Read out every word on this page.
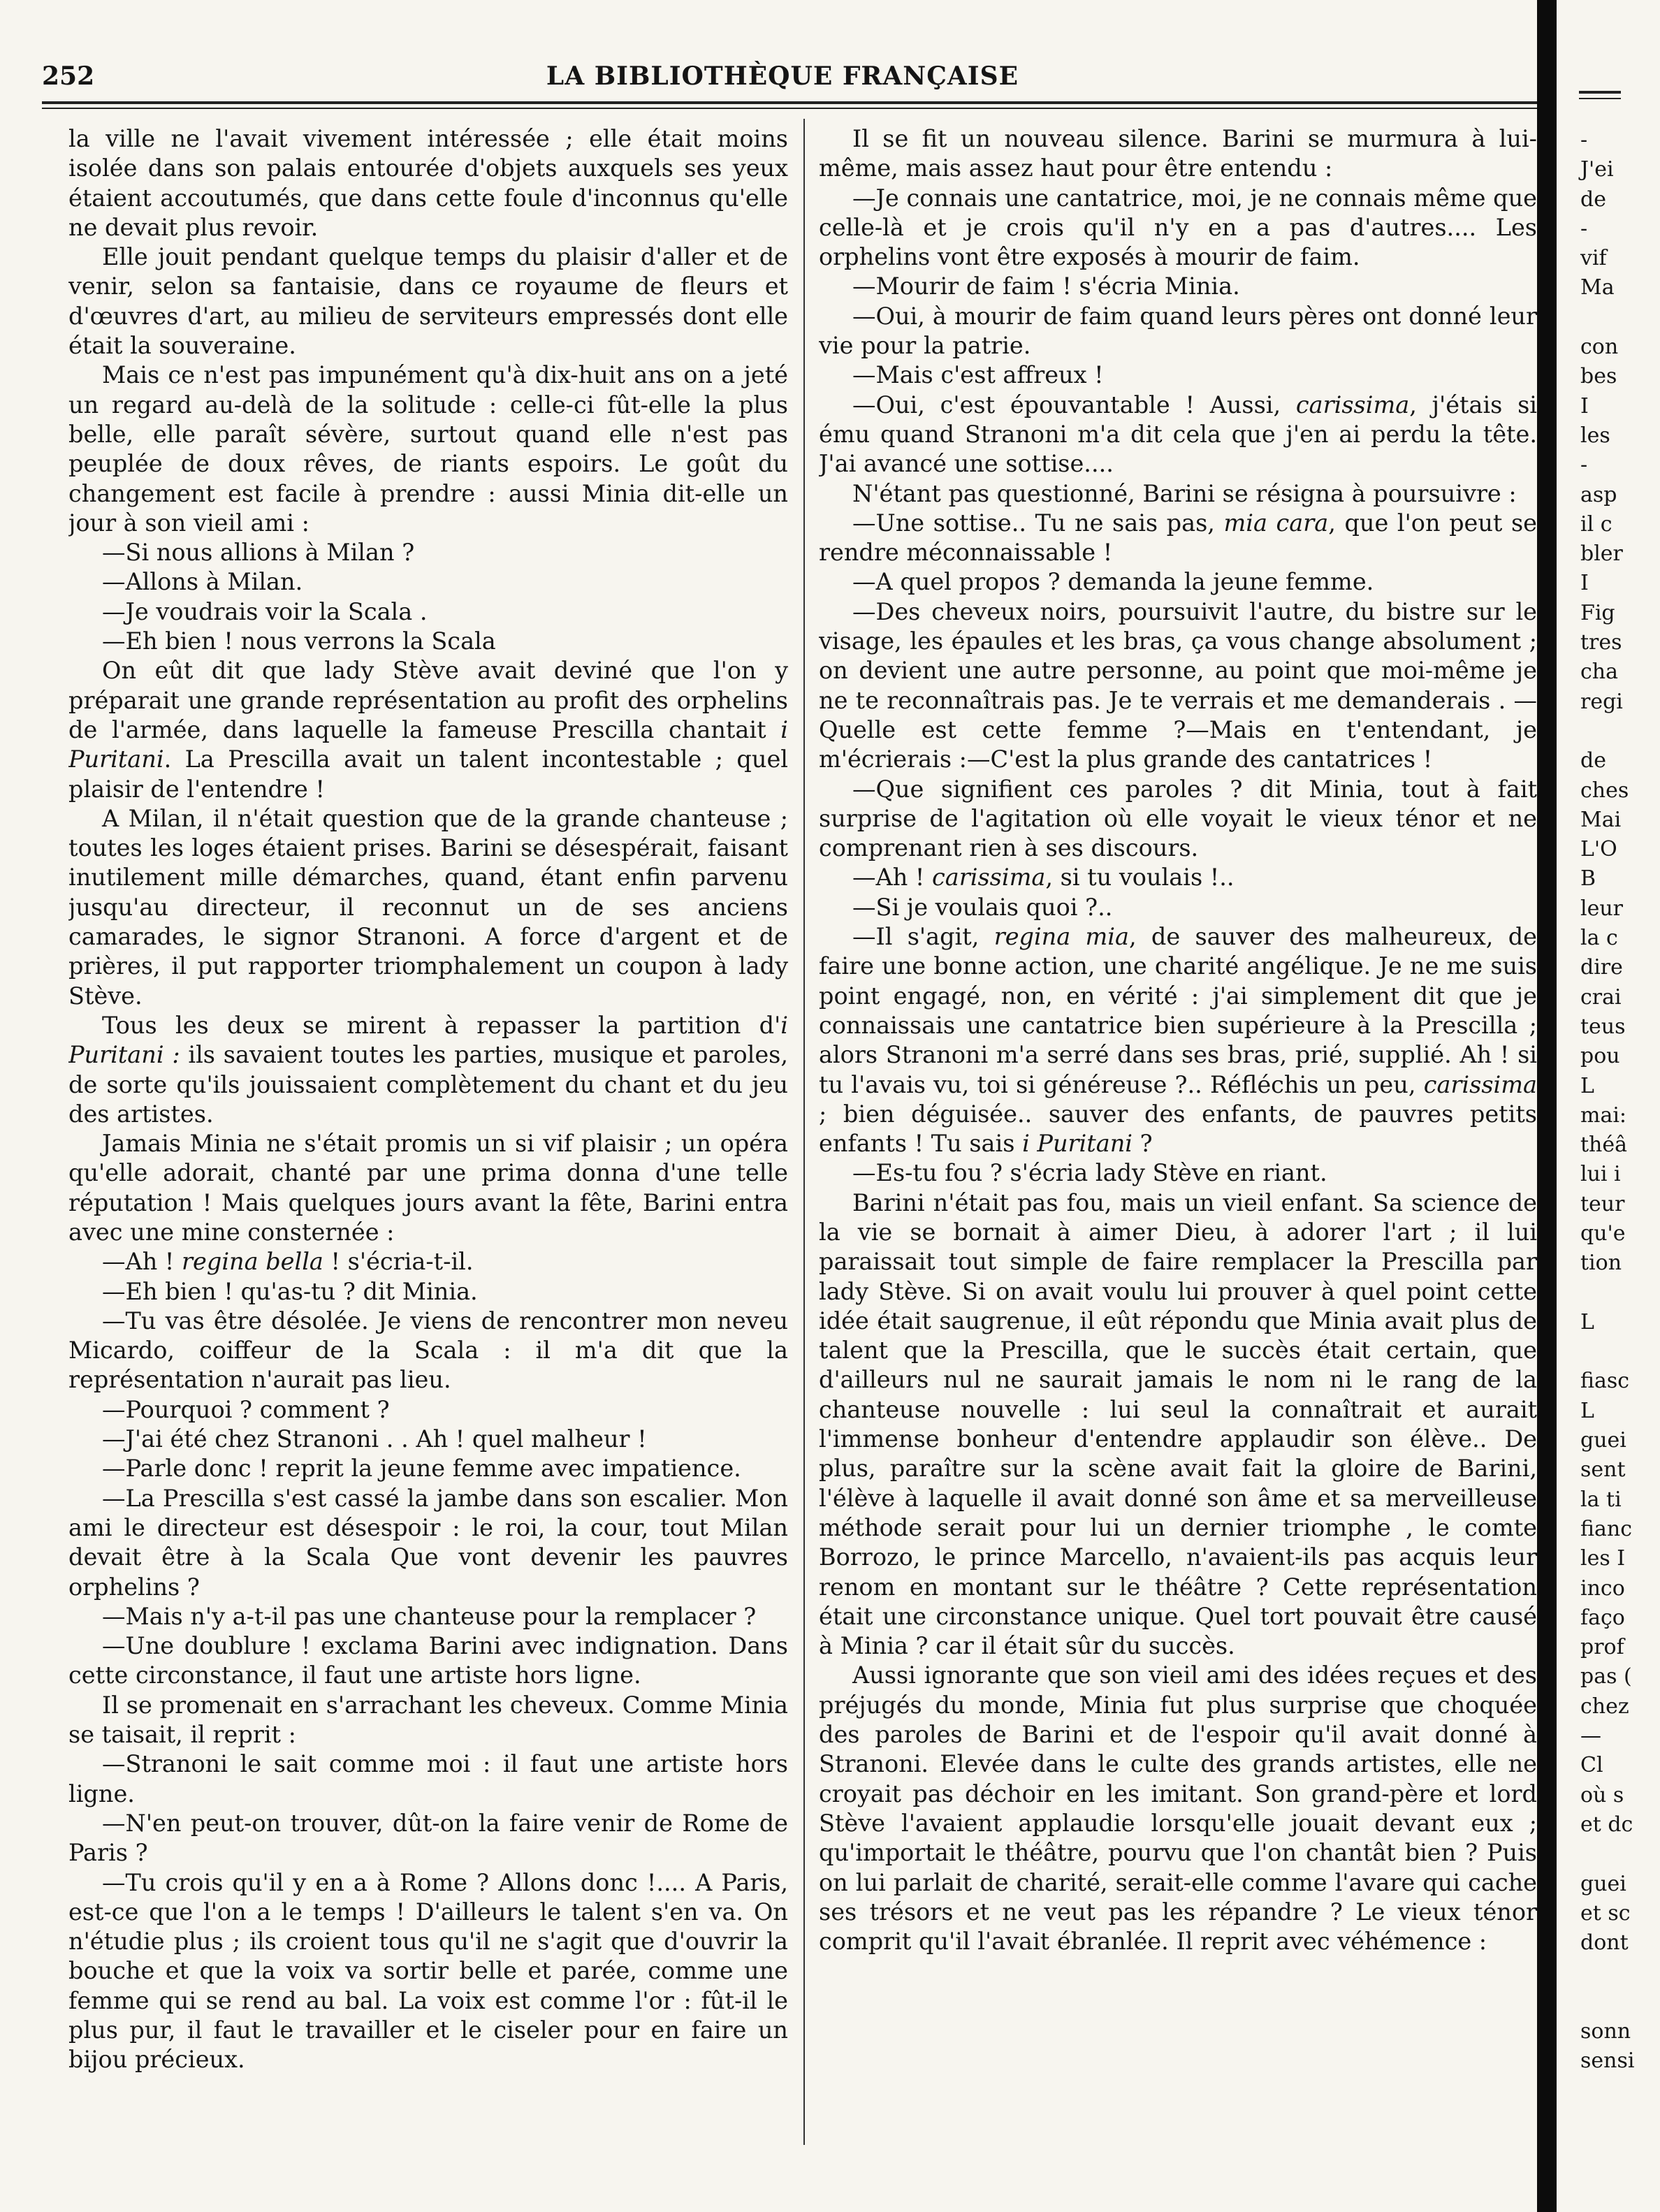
252	LA BIBLIOTHÈQUE FRANÇAISE

la ville ne l'avait vivement intéressée ; elle était moins isolée dans son palais entourée d'objets auxquels ses yeux étaient accoutumés, que dans cette foule d'inconnus qu'elle ne devait plus revoir.

Elle jouit pendant quelque temps du plaisir d'aller et de venir, selon sa fantaisie, dans ce royaume de fleurs et d'œuvres d'art, au milieu de serviteurs empressés dont elle était la souveraine.

Mais ce n'est pas impunément qu'à dix-huit ans on a jeté un regard au-delà de la solitude : celle-ci fût-elle la plus belle, elle paraît sévère, surtout quand elle n'est pas peuplée de doux rêves, de riants espoirs. Le goût du changement est facile à prendre : aussi Minia dit-elle un jour à son vieil ami :

—Si nous allions à Milan ?

—Allons à Milan.

—Je voudrais voir la Scala .

—Eh bien ! nous verrons la Scala

On eût dit que lady Stève avait deviné que l'on y préparait une grande représentation au profit des orphelins de l'armée, dans laquelle la fameuse Prescilla chantait i Puritani. La Prescilla avait un talent incontestable ; quel plaisir de l'entendre !

A Milan, il n'était question que de la grande chanteuse ; toutes les loges étaient prises. Barini se désespérait, faisant inutilement mille démarches, quand, étant enfin parvenu jusqu'au directeur, il reconnut un de ses anciens camarades, le signor Stranoni. A force d'argent et de prières, il put rapporter triomphalement un coupon à lady Stève.

Tous les deux se mirent à repasser la partition d'i Puritani : ils savaient toutes les parties, musique et paroles, de sorte qu'ils jouissaient complètement du chant et du jeu des artistes.

Jamais Minia ne s'était promis un si vif plaisir ; un opéra qu'elle adorait, chanté par une prima donna d'une telle réputation ! Mais quelques jours avant la fête, Barini entra avec une mine consternée :

—Ah ! regina bella ! s'écria-t-il.

—Eh bien ! qu'as-tu ? dit Minia.

—Tu vas être désolée. Je viens de rencontrer mon neveu Micardo, coiffeur de la Scala : il m'a dit que la représentation n'aurait pas lieu.

—Pourquoi ? comment ?

—J'ai été chez Stranoni . . Ah ! quel malheur !

—Parle donc ! reprit la jeune femme avec impatience.

—La Prescilla s'est cassé la jambe dans son escalier. Mon ami le directeur est désespoir : le roi, la cour, tout Milan devait être à la Scala Que vont devenir les pauvres orphelins ?

—Mais n'y a-t-il pas une chanteuse pour la remplacer ?

—Une doublure ! exclama Barini avec indignation. Dans cette circonstance, il faut une artiste hors ligne.

Il se promenait en s'arrachant les cheveux. Comme Minia se taisait, il reprit :

—Stranoni le sait comme moi : il faut une artiste hors ligne.

—N'en peut-on trouver, dût-on la faire venir de Rome de Paris ?

—Tu crois qu'il y en a à Rome ? Allons donc !.... A Paris, est-ce que l'on a le temps ! D'ailleurs le talent s'en va. On n'étudie plus ; ils croient tous qu'il ne s'agit que d'ouvrir la bouche et que la voix va sortir belle et parée, comme une femme qui se rend au bal. La voix est comme l'or : fût-il le plus pur, il faut le travailler et le ciseler pour en faire un bijou précieux.

Il se fit un nouveau silence. Barini se murmura à lui-même, mais assez haut pour être entendu :

—Je connais une cantatrice, moi, je ne connais même que celle-là et je crois qu'il n'y en a pas d'autres.... Les orphelins vont être exposés à mourir de faim.

—Mourir de faim ! s'écria Minia.

—Oui, à mourir de faim quand leurs pères ont donné leur vie pour la patrie.

—Mais c'est affreux !

—Oui, c'est épouvantable ! Aussi, carissima, j'étais si ému quand Stranoni m'a dit cela que j'en ai perdu la tête. J'ai avancé une sottise....

N'étant pas questionné, Barini se résigna à poursuivre :

—Une sottise.. Tu ne sais pas, mia cara, que l'on peut se rendre méconnaissable !

—A quel propos ? demanda la jeune femme.

—Des cheveux noirs, poursuivit l'autre, du bistre sur le visage, les épaules et les bras, ça vous change absolument ; on devient une autre personne, au point que moi-même je ne te reconnaîtrais pas. Je te verrais et me demanderais . —Quelle est cette femme ?—Mais en t'entendant, je m'écrierais :—C'est la plus grande des cantatrices !

—Que signifient ces paroles ? dit Minia, tout à fait surprise de l'agitation où elle voyait le vieux ténor et ne comprenant rien à ses discours.

—Ah ! carissima, si tu voulais !..

—Si je voulais quoi ?..

—Il s'agit, regina mia, de sauver des malheureux, de faire une bonne action, une charité angélique. Je ne me suis point engagé, non, en vérité : j'ai simplement dit que je connaissais une cantatrice bien supérieure à la Prescilla ; alors Stranoni m'a serré dans ses bras, prié, supplié. Ah ! si tu l'avais vu, toi si généreuse ?.. Réfléchis un peu, carissima ; bien déguisée.. sauver des enfants, de pauvres petits enfants ! Tu sais i Puritani ?

—Es-tu fou ? s'écria lady Stève en riant.

Barini n'était pas fou, mais un vieil enfant. Sa science de la vie se bornait à aimer Dieu, à adorer l'art ; il lui paraissait tout simple de faire remplacer la Prescilla par lady Stève. Si on avait voulu lui prouver à quel point cette idée était saugrenue, il eût répondu que Minia avait plus de talent que la Prescilla, que le succès était certain, que d'ailleurs nul ne saurait jamais le nom ni le rang de la chanteuse nouvelle : lui seul la connaîtrait et aurait l'immense bonheur d'entendre applaudir son élève.. De plus, paraître sur la scène avait fait la gloire de Barini, l'élève à laquelle il avait donné son âme et sa merveilleuse méthode serait pour lui un dernier triomphe , le comte Borrozo, le prince Marcello, n'avaient-ils pas acquis leur renom en montant sur le théâtre ? Cette représentation était une circonstance unique. Quel tort pouvait être causé à Minia ? car il était sûr du succès.

Aussi ignorante que son vieil ami des idées reçues et des préjugés du monde, Minia fut plus surprise que choquée des paroles de Barini et de l'espoir qu'il avait donné à Stranoni. Elevée dans le culte des grands artistes, elle ne croyait pas déchoir en les imitant. Son grand-père et lord Stève l'avaient applaudie lorsqu'elle jouait devant eux ; qu'importait le théâtre, pourvu que l'on chantât bien ? Puis on lui parlait de charité, serait-elle comme l'avare qui cache ses trésors et ne veut pas les répandre ? Le vieux ténor comprit qu'il l'avait ébranlée. Il reprit avec véhémence :

-
J'ei
de
-
vif
Ma
con
bes
I
les
-
asp
il c
bler
I
Fig
tres
cha
regi
de
ches
Mai
L'O
B
leur
la c
dire
crai
teus
pou
L
mai:
théâ
lui i
teur
qu'e
tion
L
fiasc
L
guei
sent
la ti
fianc
les I
inco
faço
prof
pas (
chez
—
Cl
où s
et dc
guei
et sc
dont
sonn
sensi
